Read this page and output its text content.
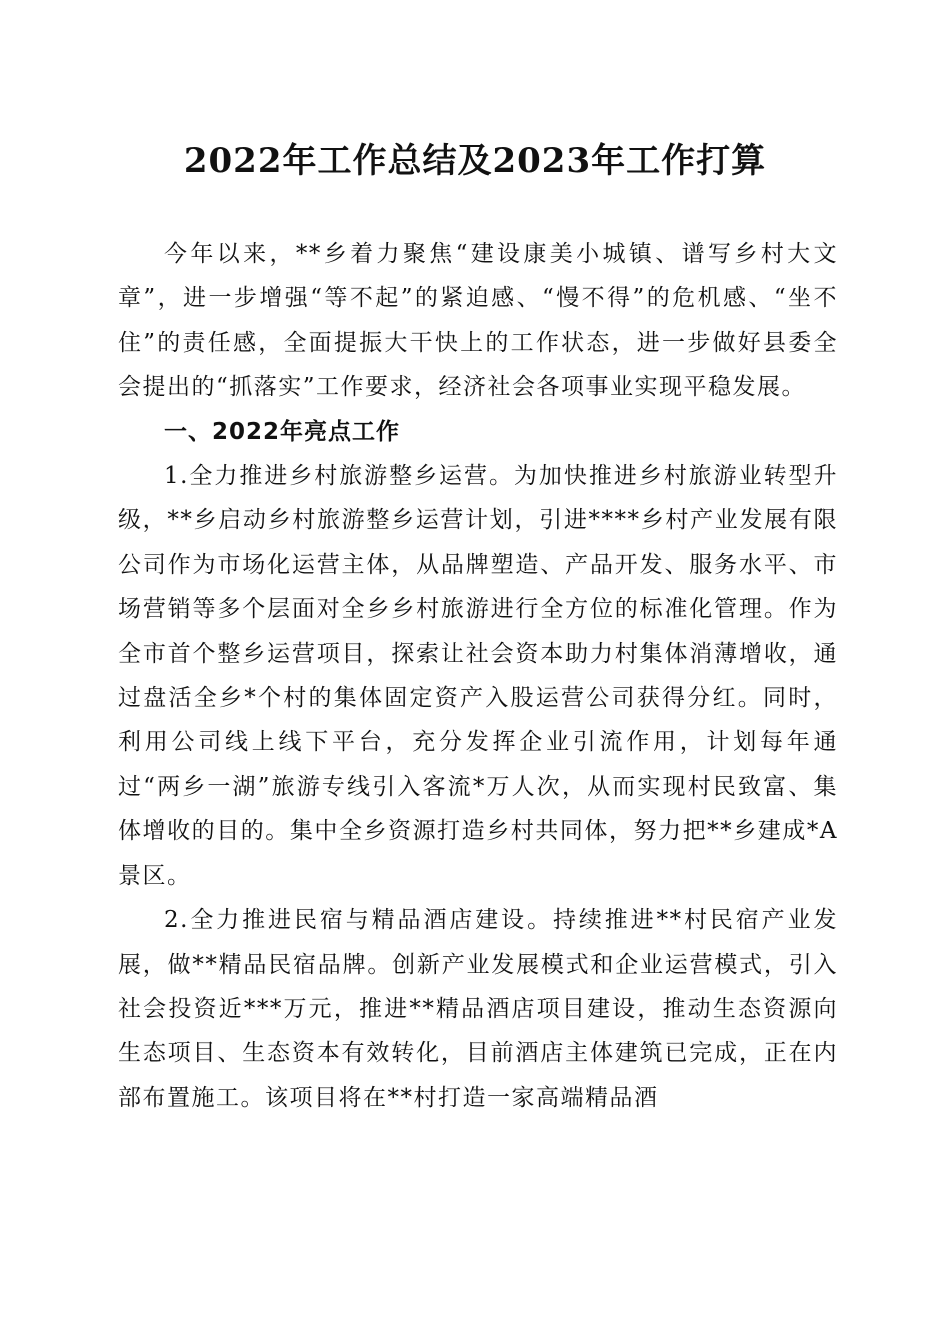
2022年工作总结及2023年工作打算

今年以来，**乡着力聚焦“建设康美小城镇、谱写乡村大文章”，进一步增强“等不起”的紧迫感、“慢不得”的危机感、“坐不住”的责任感，全面提振大干快上的工作状态，进一步做好县委全会提出的“抓落实”工作要求，经济社会各项事业实现平稳发展。

一、2022年亮点工作

1.全力推进乡村旅游整乡运营。为加快推进乡村旅游业转型升级，**乡启动乡村旅游整乡运营计划，引进****乡村产业发展有限公司作为市场化运营主体，从品牌塑造、产品开发、服务水平、市场营销等多个层面对全乡乡村旅游进行全方位的标准化管理。作为全市首个整乡运营项目，探索让社会资本助力村集体消薄增收，通过盘活全乡*个村的集体固定资产入股运营公司获得分红。同时，利用公司线上线下平台，充分发挥企业引流作用，计划每年通过“两乡一湖”旅游专线引入客流*万人次，从而实现村民致富、集体增收的目的。集中全乡资源打造乡村共同体，努力把**乡建成*A景区。

2.全力推进民宿与精品酒店建设。持续推进**村民宿产业发展，做**精品民宿品牌。创新产业发展模式和企业运营模式，引入社会投资近***万元，推进**精品酒店项目建设，推动生态资源向生态项目、生态资本有效转化，目前酒店主体建筑已完成，正在内部布置施工。该项目将在**村打造一家高端精品酒
